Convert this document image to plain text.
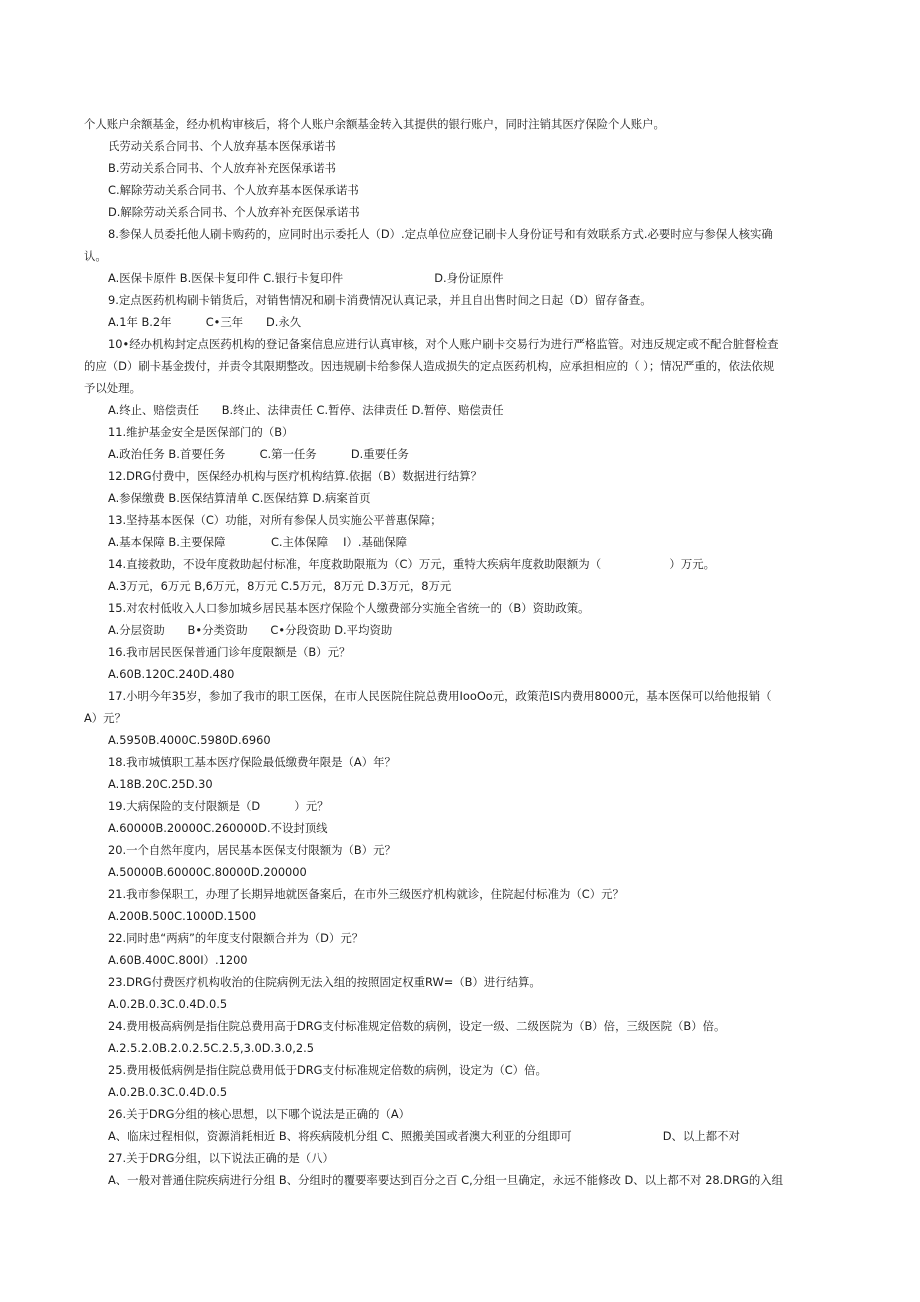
个人账户余额基金，经办机构审核后，将个人账户余额基金转入其提供的银行账户，同时注销其医疗保险个人账户。
氏劳动关系合同书、个人放弃基本医保承诺书
B.劳动关系合同书、个人放弃补充医保承诺书
C.解除劳动关系合同书、个人放弃基本医保承诺书
D.解除劳动关系合同书、个人放弃补充医保承诺书
8.参保人员委托他人刷卡购药的，应同时出示委托人（D）.定点单位应登记刷卡人身份证号和有效联系方式.必要时应与参保人核实确
认。
A.医保卡原件 B.医保卡复印件 C.银行卡复印件　　　　　　　　D.身份证原件
9.定点医药机构刷卡销货后，对销售情况和刷卡消费情况认真记录，并且自出售时间之日起（D）留存备查。
A.1年 B.2年　　　C•三年　　D.永久
10•经办机构封定点医药机构的登记备案信息应进行认真审核，对个人账户刷卡交易行为进行严格监管。对违反规定或不配合脏督检查
的应（D）刷卡基金拨付，并责令其限期整改。因违规刷卡给参保人造成损失的定点医药机构，应承担相应的（ ）；情况严重的，依法依规
予以处理。
A.终止、赔偿责任　　B.终止、法律责任 C.暂停、法律责任 D.暂停、赔偿责任
11.维护基金安全是医保部门的（B）
A.政治任务 B.首要任务　　　C.第一任务　　　D.重要任务
12.DRG付费中，医保经办机构与医疗机构结算.依据（B）数据进行结算？
A.参保缴费 B.医保结算清单 C.医保结算 D.病案首页
13.坚持基本医保（C）功能，对所有参保人员实施公平普惠保障；
A.基本保障 B.主要保障　　　　C.主体保障　 I）.基础保障
14.直接救助，不设年度救助起付标准，年度救助限瓶为（C）万元，重特大疾病年度救助限额为（　　　　　　）万元。
A.3万元，6万元 B,6万元，8万元 C.5万元，8万元 D.3万元，8万元
15.对农村低收入人口参加城乡居民基本医疗保险个人缴费部分实施全省统一的（B）资助政策。
A.分层资助　　B•分类资助　　C•分段资助 D.平均资助
16.我市居民医保普通门诊年度限额是（B）元？
A.60B.120C.240D.480
17.小明今年35岁，参加了我市的职工医保，在市人民医院住院总费用IooOo元，政策范IS内费用8000元，基本医保可以给他报销（
A）元？
A.5950B.4000C.5980D.6960
18.我市城慎职工基本医疗保险最低缴费年限是（A）年？
A.18B.20C.25D.30
19.大病保险的支付限额是（D　　　）元？
A.60000B.20000C.260000D.不设封顶线
20.一个自然年度内，居民基本医保支付限额为（B）元？
A.50000B.60000C.80000D.200000
21.我市参保职工，办理了长期异地就医备案后，在市外三级医疗机构就诊，住院起付标准为（C）元？
A.200B.500C.1000D.1500
22.同时患“两病”的年度支付限额合并为（D）元？
A.60B.400C.800I）.1200
23.DRG付费医疗机构收治的住院病例无法入组的按照固定权重RW=（B）进行结算。
A.0.2B.0.3C.0.4D.0.5
24.费用极高病例是指住院总费用高于DRG支付标准规定倍数的病例，设定一级、二级医院为（B）倍，三级医院（B）倍。
A.2.5.2.0B.2.0.2.5C.2.5,3.0D.3.0,2.5
25.费用极低病例是指住院总费用低于DRG支付标准规定倍数的病例，设定为（C）倍。
A.0.2B.0.3C.0.4D.0.5
26.关于DRG分组的核心思想，以下哪个说法是正确的（A）
A、临床过程相似，资源消耗相近 B、将疾病陵机分组 C、照搬美国或者澳大利亚的分组即可　　　　　　　　D、以上都不对
27.关于DRG分组，以下说法正确的是（八）
A、一般对普通住院疾病进行分组 B、分组时的覆要率要达到百分之百 C,分组一旦确定，永远不能修改 D、以上都不对 28.DRG的入组
